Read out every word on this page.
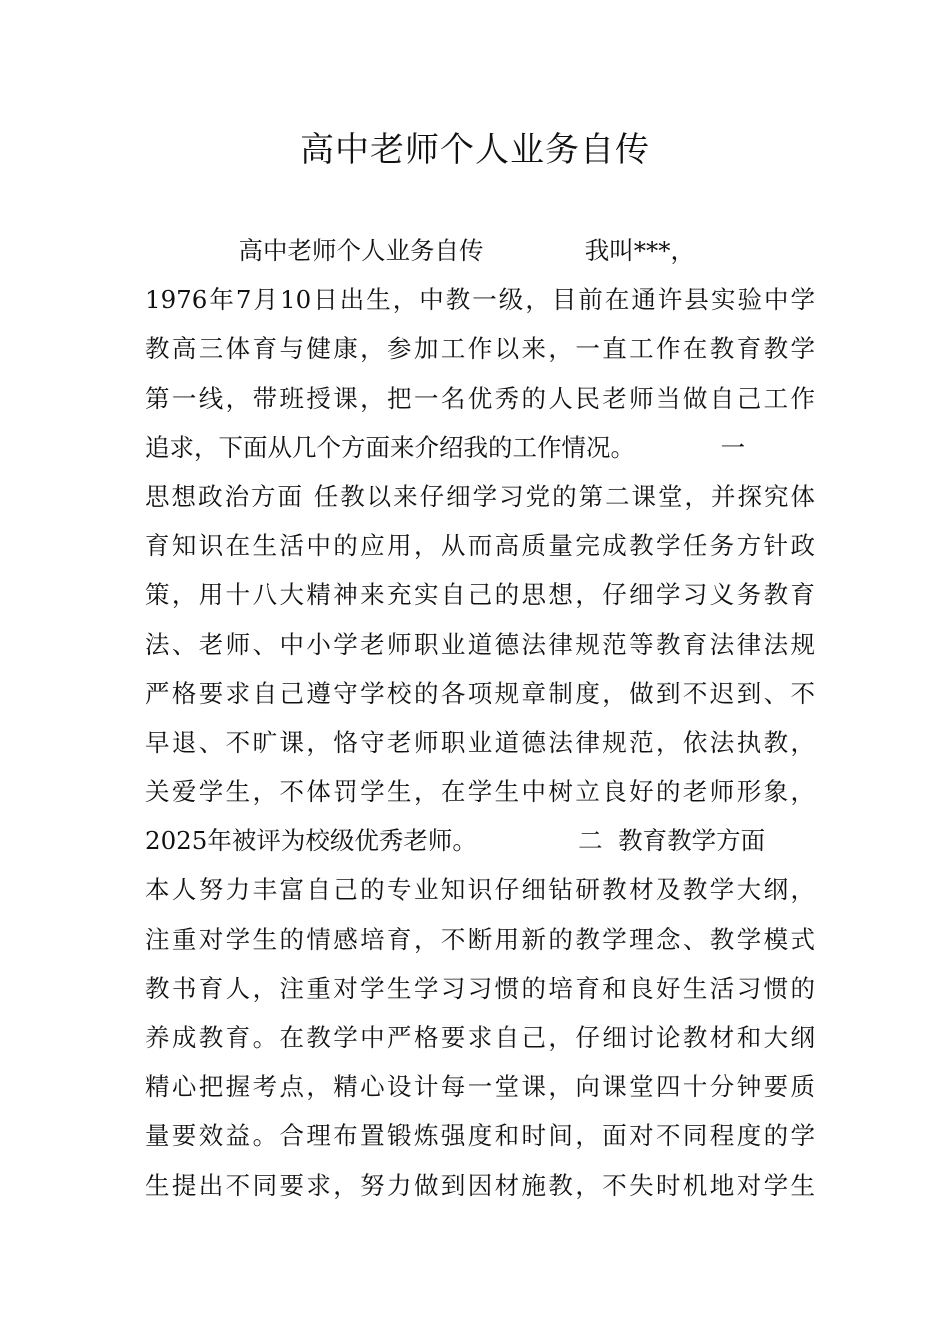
高中老师个人业务自传
高中老师个人业务自传             我叫***，
1976年7月10日出生，中教一级，目前在通许县实验中学
教高三体育与健康，参加工作以来，一直工作在教育教学
第一线，带班授课，把一名优秀的人民老师当做自己工作
追求，下面从几个方面来介绍我的工作情况。           一
思想政治方面 任教以来仔细学习党的第二课堂，并探究体
育知识在生活中的应用，从而高质量完成教学任务方针政
策，用十八大精神来充实自己的思想，仔细学习义务教育
法、老师、中小学老师职业道德法律规范等教育法律法规
严格要求自己遵守学校的各项规章制度，做到不迟到、不
早退、不旷课，恪守老师职业道德法律规范，依法执教，
关爱学生，不体罚学生，在学生中树立良好的老师形象，
2025年被评为校级优秀老师。             二  教育教学方面
本人努力丰富自己的专业知识仔细钻研教材及教学大纲，
注重对学生的情感培育，不断用新的教学理念、教学模式
教书育人，注重对学生学习习惯的培育和良好生活习惯的
养成教育。在教学中严格要求自己，仔细讨论教材和大纲
精心把握考点，精心设计每一堂课，向课堂四十分钟要质
量要效益。合理布置锻炼强度和时间，面对不同程度的学
生提出不同要求，努力做到因材施教，不失时机地对学生
